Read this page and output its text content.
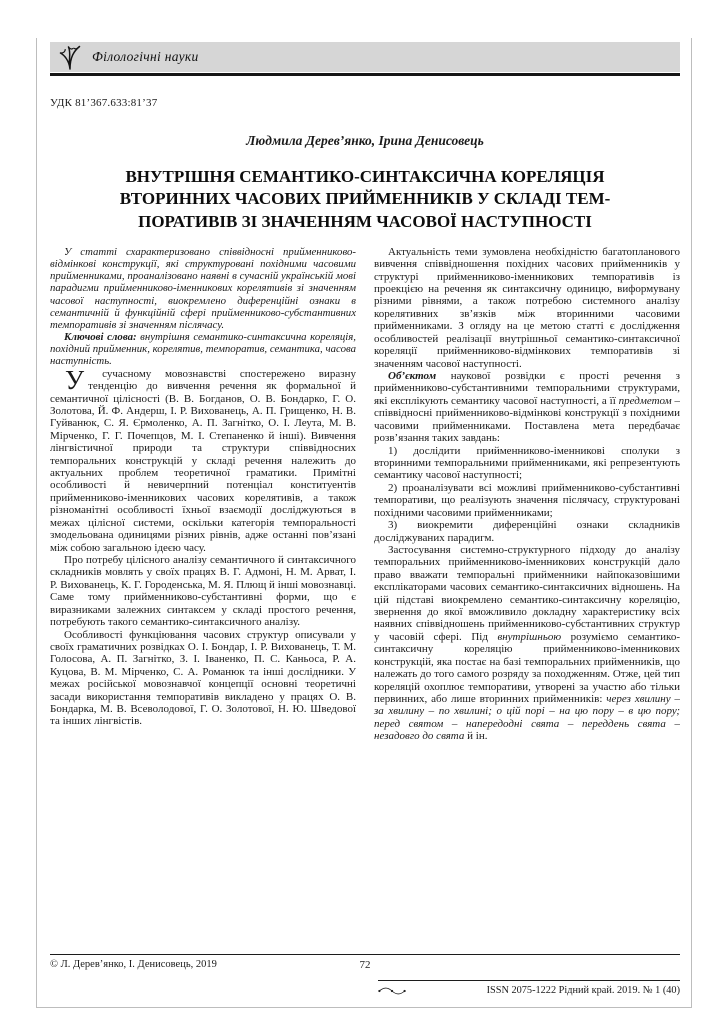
Філологічні науки
УДК 81’367.633:81’37
Людмила Дерев’янко, Ірина Денисовець
ВНУТРІШНЯ СЕМАНТИКО-СИНТАКСИЧНА КОРЕЛЯЦІЯ
ВТОРИННИХ ЧАСОВИХ ПРИЙМЕННИКІВ У СКЛАДІ ТЕМ-
ПОРАТИВІВ ЗІ ЗНАЧЕННЯМ ЧАСОВОЇ НАСТУПНОСТІ

У статті схарактеризовано співвідносні прийменниково-відмінкові конструкції, які структуровані похідними часовими прийменниками, проаналізовано наявні в сучасній українській мові парадигми прийменниково-іменникових корелятивів зі значенням часової наступності, виокремлено диференційні ознаки в семантичній й функційній сфері прийменниково-субстантивних темпоративів зі значенням післячасу.

Ключові слова: внутрішня семантико-синтаксична кореляція, похідний прийменник, корелятив, темпоратив, семантика, часова наступність.

У	сучасному мовознавстві спостережено виразну тенденцію до вивчення речення як формальної й семантичної цілісності (В. В. Богданов, О. В. Бондарко, Г. О. Золотова, Й. Ф. Андерш, І. Р. Вихованець, А. П. Грищенко, Н. В. Гуйванюк, С. Я. Єрмоленко, А. П. Загнітко, О. І. Леута, М. В. Мірченко, Г. Г. Почепцов, М. І. Степаненко й інші). Вивчення лінгвістичної природи та структури співвідносних темпоральних конструкцій у складі речення належить до актуальних проблем теоретичної граматики. Примітні особливості й невичерпний потенціал конституентів прийменниково-іменникових часових корелятивів, а також різноманітні особливості їхньої взаємодії досліджуються в межах цілісної системи, оскільки категорія темпоральності змодельована одиницями різних рівнів, адже останні пов’язані між собою загальною ідеєю часу.

Про потребу цілісного аналізу семантичного й синтаксичного складників мовлять у своїх працях В. Г. Адмоні, Н. М. Арват, І. Р. Вихованець, К. Г. Городенська, М. Я. Плющ й інші мовознавці. Саме тому прийменниково-субстантивні форми, що є виразниками залежних синтаксем у складі простого речення, потребують такого семантико-синтаксичного аналізу.

Особливості функціювання часових структур описували у своїх граматичних розвідках О. І. Бондар, І. Р. Вихованець, Т. М. Голосова, А. П. Загнітко, З. І. Іваненко, П. С. Каньоса, Р. А. Куцова, В. М. Мірченко, С. А. Романюк та інші дослідники. У межах російської мовознавчої концепції основні теоретичні засади використання темпоративів викладено у працях О. В. Бондарка, М. В. Всеволодової, Г. О. Золотової, Н. Ю. Шведової та інших лінгвістів.

Актуальність теми зумовлена необхідністю багатопланового вивчення співвідношення похідних часових прийменників у структурі прийменниково-іменникових темпоративів із проекцією на речення як синтаксичну одиницю, виформувану різними рівнями, а також потребою системного аналізу корелятивних зв’язків між вторинними часовими прийменниками. З огляду на це метою статті є дослідження особливостей реалізації внутрішньої семантико-синтаксичної кореляції прийменниково-відмінкових темпоративів зі значенням часової наступності.

Об’єктом наукової розвідки є прості речення з прийменниково-субстантивними темпоральними структурами, які експлікують семантику часової наступності, а її предметом – співвідносні прийменниково-відмінкові конструкції з похідними часовими прийменниками. Поставлена мета передбачає розв’язання таких завдань:

1) дослідити прийменниково-іменникові сполуки з вторинними темпоральними прийменниками, які репрезентують семантику часової наступності;

2) проаналізувати всі можливі прийменниково-субстантивні темпоративи, що реалізують значення післячасу, структуровані похідними часовими прийменниками;

3) виокремити диференційні ознаки складників досліджуваних парадигм.

Застосування системно-структурного підходу до аналізу темпоральних прийменниково-іменникових конструкцій дало право вважати темпоральні прийменники найпоказовішими експлікаторами часових семантико-синтаксичних відношень. На цій підставі виокремлено семантико-синтаксичну кореляцію, звернення до якої вможливило докладну характеристику всіх наявних співвідношень прийменниково-субстантивних структур у часовій сфері. Під внутрішньою розуміємо семантико-синтаксичну кореляцію прийменниково-іменникових конструкцій, яка постає на базі темпоральних прийменників, що належать до того самого розряду за походженням. Отже, цей тип кореляцій охоплює темпоративи, утворені за участю або тільки первинних, або лише вторинних прийменників: через хвилину – за хвилину – по хвилині; о цій порі – на цю пору – в цю пору; перед святом – напередодні свята – переддень свята – незадовго до свята й ін.

© Л. Дерев’янко, І. Денисовець, 2019	72
ISSN 2075-1222 Рідний край. 2019. № 1 (40)
